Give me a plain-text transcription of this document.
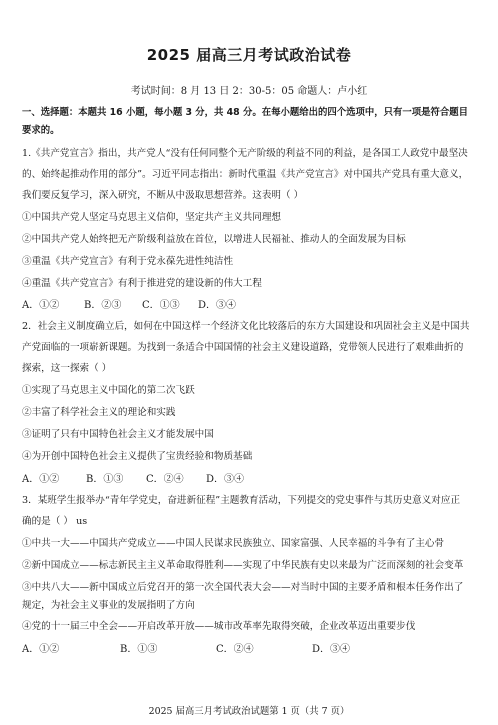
2025 届高三月考试政治试卷
考试时间：8 月 13 日 2：30-5：05 命题人：卢小红
一、选择题：本题共 16 小题，每小题 3 分，共 48 分。在每小题给出的四个选项中，只有一项是符合题目
要求的。
1.《共产党宣言》指出，共产党人“没有任何同整个无产阶级的利益不同的利益，是各国工人政党中最坚决
的、始终起推动作用的部分”。习近平同志指出：新时代重温《共产党宣言》对中国共产党具有重大意义，
我们要反复学习，深入研究，不断从中汲取思想营养。这表明（ ）
①中国共产党人坚定马克思主义信仰，坚定共产主义共同理想
②中国共产党人始终把无产阶级利益放在首位，以增进人民福祉、推动人的全面发展为目标
③重温《共产党宣言》有利于党永葆先进性纯洁性
④重温《共产党宣言》有利于推进党的建设新的伟大工程
A．①② B．②③ C．①③ D．③④
2．社会主义制度确立后，如何在中国这样一个经济文化比较落后的东方大国建设和巩固社会主义是中国共
产党面临的一项崭新课题。为找到一条适合中国国情的社会主义建设道路，党带领人民进行了艰难曲折的
探索，这一探索（ ）
①实现了马克思主义中国化的第二次飞跃
②丰富了科学社会主义的理论和实践
③证明了只有中国特色社会主义才能发展中国
④为开创中国特色社会主义提供了宝贵经验和物质基础
A．①②	B．①③ C．②④ D．③④
3．某班学生报举办“青年学党史，奋进新征程”主题教育活动，下列提交的党史事件与其历史意义对应正
确的是（ ） us
①中共一大——中国共产党成立——中国人民谋求民族独立、国家富强、人民幸福的斗争有了主心骨
②新中国成立——标志新民主主义革命取得胜利——实现了中华民族有史以来最为广泛而深刻的社会变革
③中共八大——新中国成立后党召开的第一次全国代表大会——对当时中国的主要矛盾和根本任务作出了
规定，为社会主义事业的发展指明了方向
④党的十一届三中全会——开启改革开放——城市改革率先取得突破，企业改革迈出重要步伐
A．①②	B．①③	C．②④	D．③④
2025 届高三月考试政治试题第 1 页（共 7 页）
